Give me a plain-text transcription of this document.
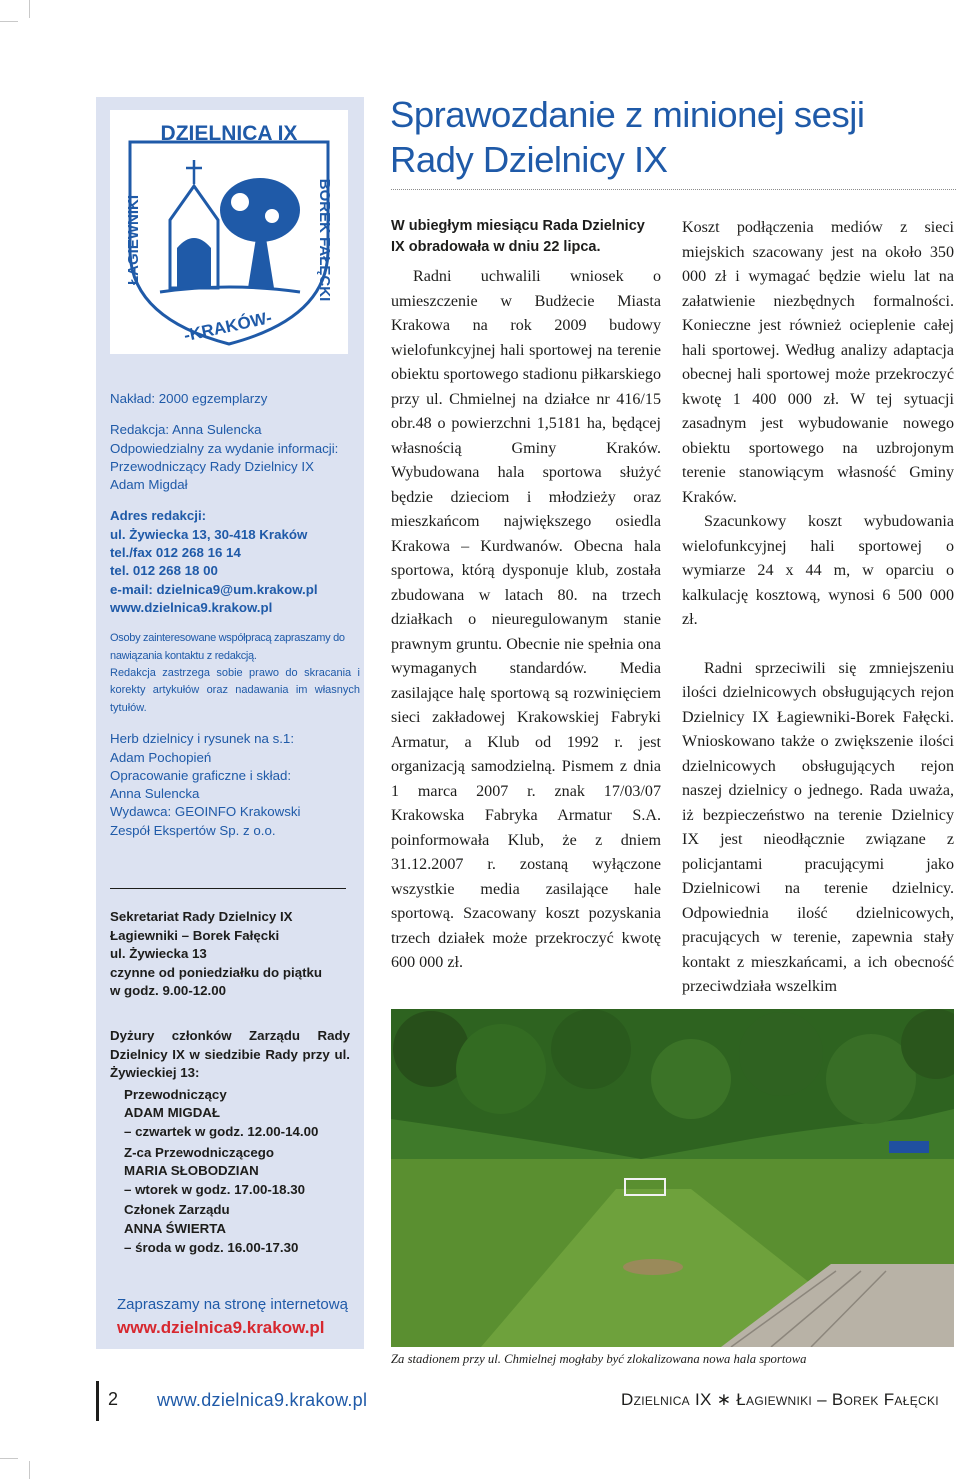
DZIELNICA IX
ŁAGIEWNIKI	BOREK FAŁĘCKI
-KRAKÓW-

Nakład: 2000 egzemplarzy

Redakcja: Anna Sulencka

Odpowiedzialny za wydanie informacji:

Przewodniczący Rady Dzielnicy IX

Adam Migdał

Adres redakcji:

ul. Żywiecka 13, 30-418 Kraków

tel./fax 012 268 16 14

tel. 012 268 18 00

e-mail: dzielnica9@um.krakow.pl

www.dzielnica9.krakow.pl

Osoby zainteresowane współpracą zapraszamy do nawiązania kontaktu z redakcją.

Redakcja zastrzega sobie prawo do skracania i korekty artykułów oraz nadawania im własnych tytułów.

Herb dzielnicy i rysunek na s.1:

Adam Pochopień

Opracowanie graficzne i skład:

Anna Sulencka

Wydawca: GEOINFO Krakowski

Zespół Ekspertów Sp. z o.o.

Sekretariat Rady Dzielnicy IX

Łagiewniki – Borek Fałęcki

ul. Żywiecka 13

czynne od poniedziałku do piątku

w godz. 9.00-12.00

Dyżury członków Zarządu Rady Dzielnicy IX w siedzibie Rady przy ul. Żywieckiej 13:

Przewodniczący

ADAM MIGDAŁ

– czwartek w godz. 12.00-14.00

Z-ca Przewodniczącego

MARIA SŁOBODZIAN

– wtorek w godz. 17.00-18.30

Członek Zarządu

ANNA ŚWIERTA

– środa w godz. 16.00-17.30

Zapraszamy na stronę internetową
www.dzielnica9.krakow.pl
Sprawozdanie z minionej sesji
Rady Dzielnicy IX

W ubiegłym miesiącu Rada Dzielnicy IX obradowała w dniu 22 lipca.

Radni uchwalili wniosek o umieszczenie w Budżecie Miasta Krakowa na rok 2009 budowy wielofunkcyjnej hali sportowej na terenie obiektu sportowego stadionu piłkarskiego przy ul. Chmielnej na działce nr 416/15 obr.48 o powierzchni 1,5181 ha, będącej własnością Gminy Kraków. Wybudowana hala sportowa służyć będzie dzieciom i młodzieży oraz mieszkańcom największego osiedla Krakowa – Kurdwanów. Obecna hala sportowa, którą dysponuje klub, została zbudowana w latach 80. na trzech działkach o nieuregulowanym stanie prawnym gruntu. Obecnie nie spełnia ona wymaganych standardów. Media zasilające halę sportową są rozwinięciem sieci zakładowej Krakowskiej Fabryki Armatur, a Klub od 1992 r. jest organizacją samodzielną. Pismem z dnia 1 marca 2007 r. znak 17/03/07 Krakowska Fabryka Armatur S.A. poinformowała Klub, że z dniem 31.12.2007 r. zostaną wyłączone wszystkie media zasilające hale sportową. Szacowany koszt pozyskania trzech działek może przekroczyć kwotę 600 000 zł.

Koszt podłączenia mediów z sieci miejskich szacowany jest na około 350 000 zł i wymagać będzie wielu lat na załatwienie niezbędnych formalności. Konieczne jest również ocieplenie całej hali sportowej. Według analizy adaptacja obecnej hali sportowej może przekroczyć kwotę 1 400 000 zł. W tej sytuacji zasadnym jest wybudowanie nowego obiektu sportowego na uzbrojonym terenie stanowiącym własność Gminy Kraków.

Szacunkowy koszt wybudowania wielofunkcyjnej hali sportowej o wymiarze 24 x 44 m, w oparciu o kalkulację kosztową, wynosi 6 500 000 zł.

Radni sprzeciwili się zmniejszeniu ilości dzielnicowych obsługujących rejon Dzielnicy IX Łagiewniki-Borek Fałęcki. Wnioskowano także o zwiększenie ilości dzielnicowych obsługujących rejon naszej dzielnicy o jednego. Rada uważa, iż bezpieczeństwo na terenie Dzielnicy IX jest nieodłącznie związane z policjantami pracującymi jako Dzielnicowi na terenie dzielnicy. Odpowiednia ilość dzielnicowych, pracujących w terenie, zapewnia stały kontakt z mieszkańcami, a ich obecność przeciwdziała wszelkim

Za stadionem przy ul. Chmielnej mogłaby być zlokalizowana nowa hala sportowa
2 www.dzielnica9.krakow.pl	Dzielnica IX ∗ Łagiewniki – Borek Fałęcki
